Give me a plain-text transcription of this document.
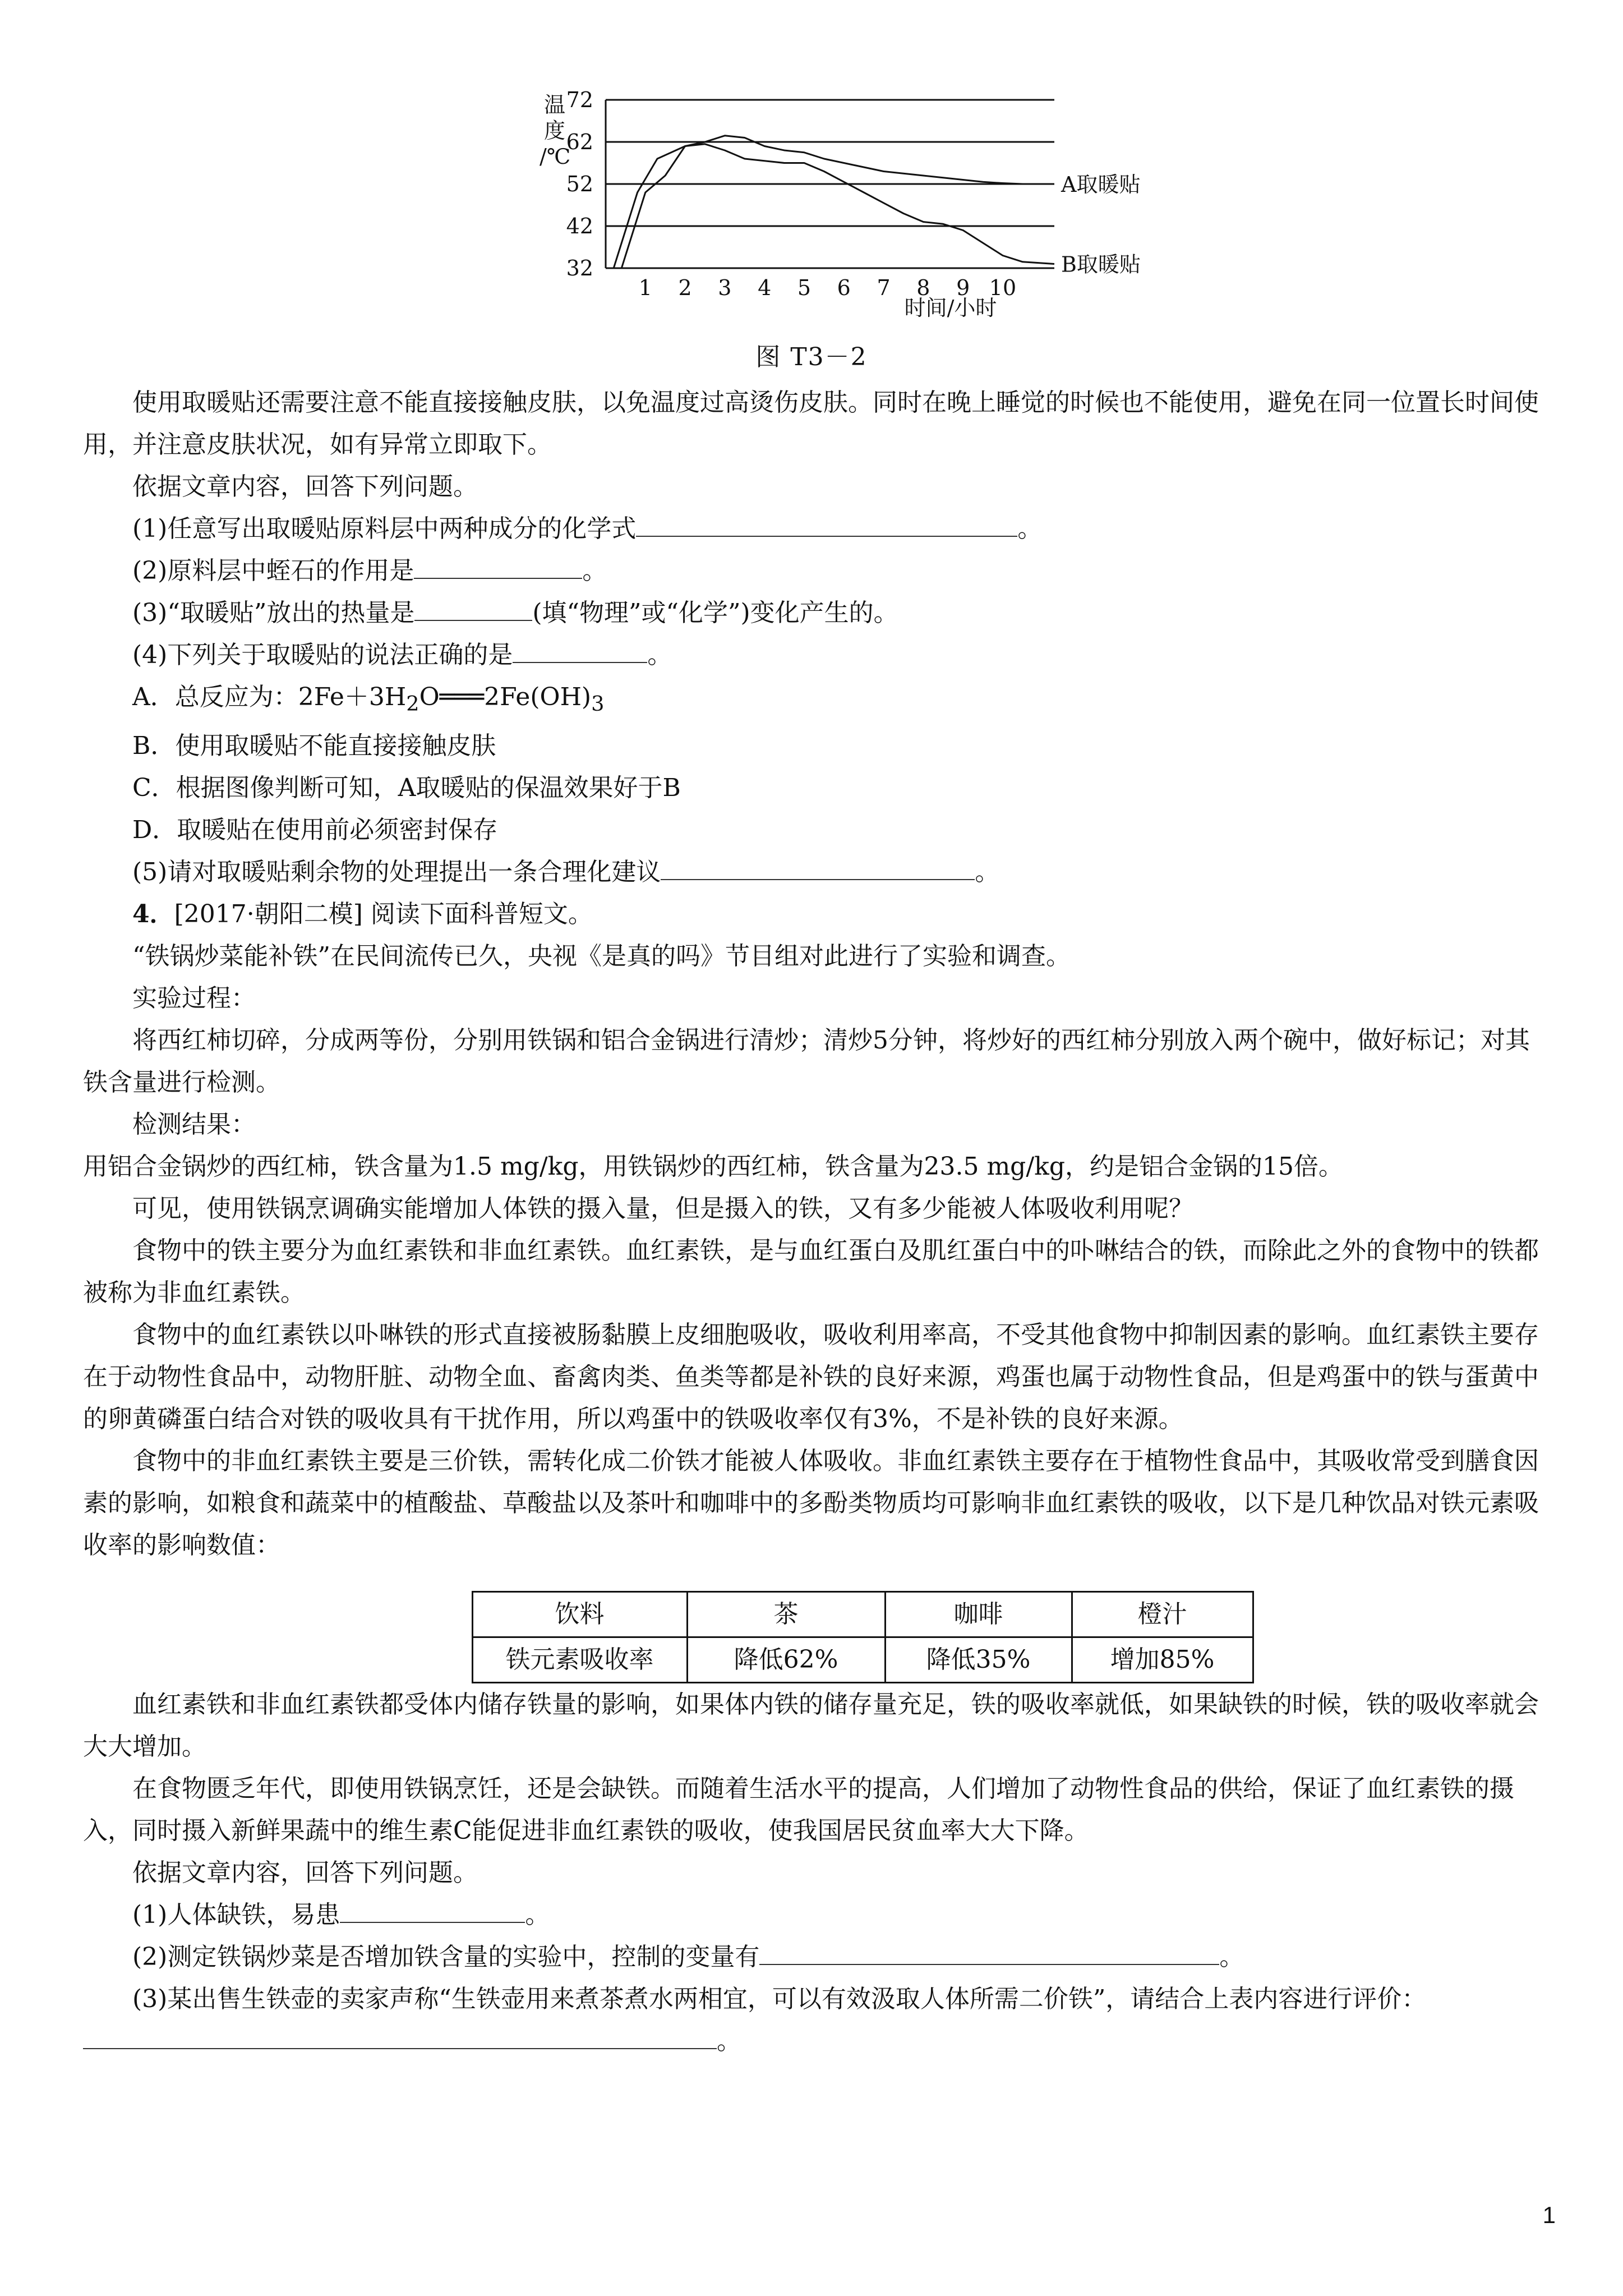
温度/℃
72
62
52
42
32
1 2 3 4 5 6 7 8 9 10
A取暖贴
B取暖贴
时间/小时
图 T3－2

使用取暖贴还需要注意不能直接接触皮肤，以免温度过高烫伤皮肤。同时在晚上睡觉的时候也不能使用，避免在同一位置长时间使用，并注意皮肤状况，如有异常立即取下。

依据文章内容，回答下列问题。

(1)任意写出取暖贴原料层中两种成分的化学式	。

(2)原料层中蛭石的作用是	。

(3)“取暖贴”放出的热量是	(填“物理”或“化学”)变化产生的。

(4)下列关于取暖贴的说法正确的是	。

A．总反应为：$2Fe+3H_2O═══2Fe(OH)_3$

B．使用取暖贴不能直接接触皮肤

C．根据图像判断可知，A取暖贴的保温效果好于B

D．取暖贴在使用前必须密封保存

(5)请对取暖贴剩余物的处理提出一条合理化建议	。

4．[2017·朝阳二模] 阅读下面科普短文。

“铁锅炒菜能补铁”在民间流传已久，央视《是真的吗》节目组对此进行了实验和调查。

实验过程：

将西红柿切碎，分成两等份，分别用铁锅和铝合金锅进行清炒；清炒5分钟，将炒好的西红柿分别放入两个碗中，做好标记；对其铁含量进行检测。

检测结果：

用铝合金锅炒的西红柿，铁含量为1.5 mg/kg，用铁锅炒的西红柿，铁含量为23.5 mg/kg，约是铝合金锅的15倍。

可见，使用铁锅烹调确实能增加人体铁的摄入量，但是摄入的铁，又有多少能被人体吸收利用呢？

食物中的铁主要分为血红素铁和非血红素铁。血红素铁，是与血红蛋白及肌红蛋白中的卟啉结合的铁，而除此之外的食物中的铁都被称为非血红素铁。

食物中的血红素铁以卟啉铁的形式直接被肠黏膜上皮细胞吸收，吸收利用率高，不受其他食物中抑制因素的影响。血红素铁主要存在于动物性食品中，动物肝脏、动物全血、畜禽肉类、鱼类等都是补铁的良好来源，鸡蛋也属于动物性食品，但是鸡蛋中的铁与蛋黄中的卵黄磷蛋白结合对铁的吸收具有干扰作用，所以鸡蛋中的铁吸收率仅有3%，不是补铁的良好来源。

食物中的非血红素铁主要是三价铁，需转化成二价铁才能被人体吸收。非血红素铁主要存在于植物性食品中，其吸收常受到膳食因素的影响，如粮食和蔬菜中的植酸盐、草酸盐以及茶叶和咖啡中的多酚类物质均可影响非血红素铁的吸收，以下是几种饮品对铁元素吸收率的影响数值：

饮料	茶	咖啡	橙汁
铁元素吸收率	降低62%	降低35%	增加85%

血红素铁和非血红素铁都受体内储存铁量的影响，如果体内铁的储存量充足，铁的吸收率就低，如果缺铁的时候，铁的吸收率就会大大增加。

在食物匮乏年代，即使用铁锅烹饪，还是会缺铁。而随着生活水平的提高，人们增加了动物性食品的供给，保证了血红素铁的摄入，同时摄入新鲜果蔬中的维生素C能促进非血红素铁的吸收，使我国居民贫血率大大下降。

依据文章内容，回答下列问题。

(1)人体缺铁，易患	。

(2)测定铁锅炒菜是否增加铁含量的实验中，控制的变量有	。

(3)某出售生铁壶的卖家声称“生铁壶用来煮茶煮水两相宜，可以有效汲取人体所需二价铁”，请结合上表内容进行评价：。

1
